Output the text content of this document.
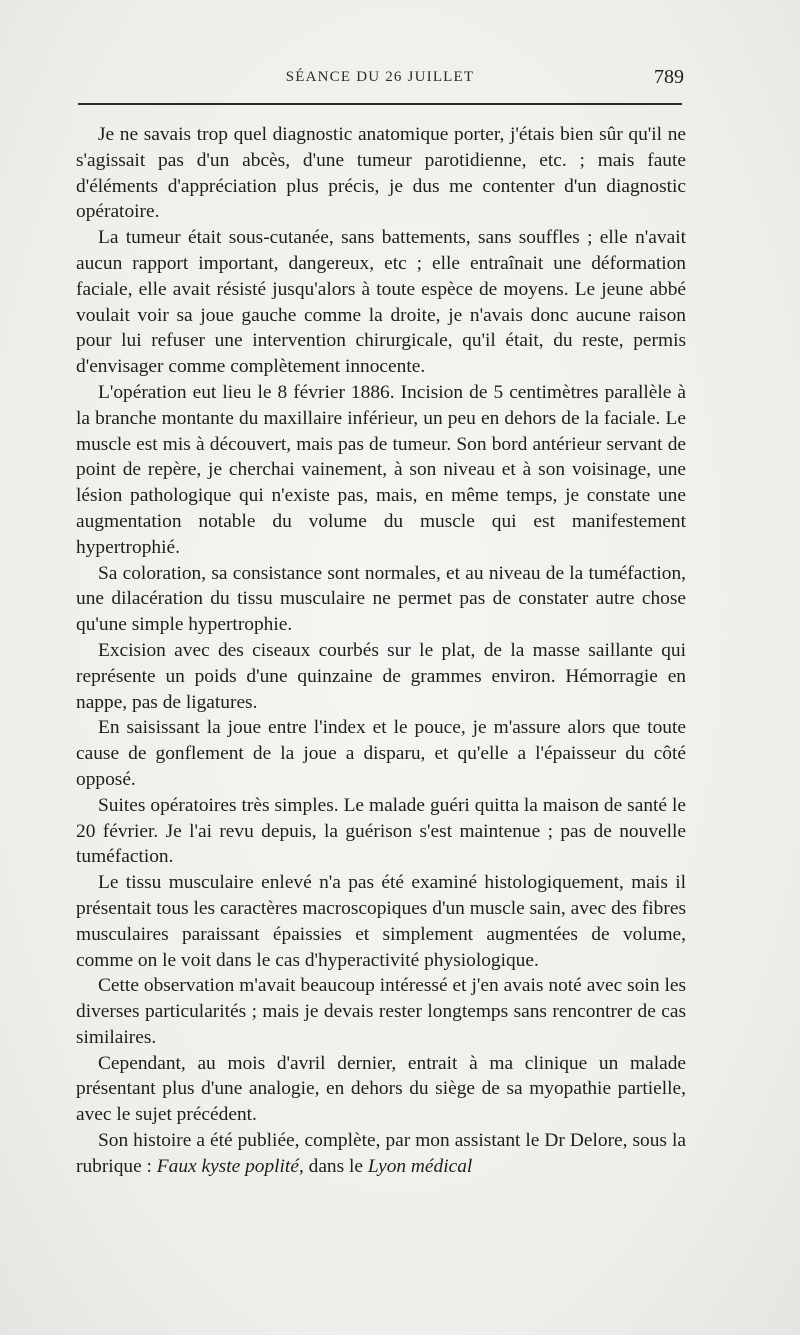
SÉANCE DU 26 JUILLET	789

Je ne savais trop quel diagnostic anatomique porter, j'étais bien sûr qu'il ne s'agissait pas d'un abcès, d'une tumeur parotidienne, etc. ; mais faute d'éléments d'appréciation plus précis, je dus me contenter d'un diagnostic opératoire.

La tumeur était sous-cutanée, sans battements, sans souffles ; elle n'avait aucun rapport important, dangereux, etc ; elle entraînait une déformation faciale, elle avait résisté jusqu'alors à toute espèce de moyens. Le jeune abbé voulait voir sa joue gauche comme la droite, je n'avais donc aucune raison pour lui refuser une intervention chirurgicale, qu'il était, du reste, permis d'envisager comme complètement innocente.

L'opération eut lieu le 8 février 1886. Incision de 5 centimètres parallèle à la branche montante du maxillaire inférieur, un peu en dehors de la faciale. Le muscle est mis à découvert, mais pas de tumeur. Son bord antérieur servant de point de repère, je cherchai vainement, à son niveau et à son voisinage, une lésion pathologique qui n'existe pas, mais, en même temps, je constate une augmentation notable du volume du muscle qui est manifestement hypertrophié.

Sa coloration, sa consistance sont normales, et au niveau de la tuméfaction, une dilacération du tissu musculaire ne permet pas de constater autre chose qu'une simple hypertrophie.

Excision avec des ciseaux courbés sur le plat, de la masse saillante qui représente un poids d'une quinzaine de grammes environ. Hémorragie en nappe, pas de ligatures.

En saisissant la joue entre l'index et le pouce, je m'assure alors que toute cause de gonflement de la joue a disparu, et qu'elle a l'épaisseur du côté opposé.

Suites opératoires très simples. Le malade guéri quitta la maison de santé le 20 février. Je l'ai revu depuis, la guérison s'est maintenue ; pas de nouvelle tuméfaction.

Le tissu musculaire enlevé n'a pas été examiné histologiquement, mais il présentait tous les caractères macroscopiques d'un muscle sain, avec des fibres musculaires paraissant épaissies et simplement augmentées de volume, comme on le voit dans le cas d'hyperactivité physiologique.

Cette observation m'avait beaucoup intéressé et j'en avais noté avec soin les diverses particularités ; mais je devais rester longtemps sans rencontrer de cas similaires.

Cependant, au mois d'avril dernier, entrait à ma clinique un malade présentant plus d'une analogie, en dehors du siège de sa myopathie partielle, avec le sujet précédent.

Son histoire a été publiée, complète, par mon assistant le Dr Delore, sous la rubrique : Faux kyste poplité, dans le Lyon médical
